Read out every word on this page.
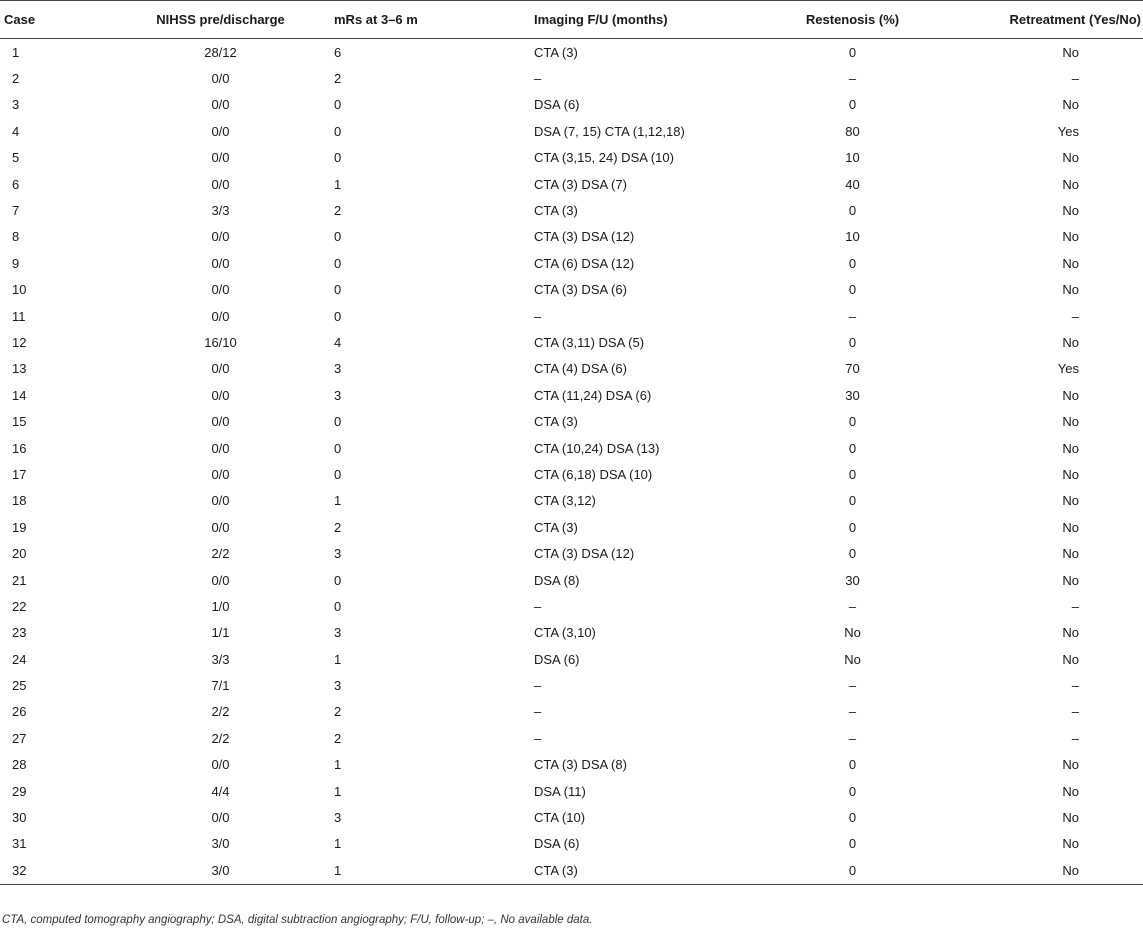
Case	NIHSS pre/discharge	mRs at 3–6 m	Imaging F/U (months)	Restenosis (%)	Retreatment (Yes/No)
1	28/12	6	CTA (3)	0	No
2	0/0	2	–	–	–
3	0/0	0	DSA (6)	0	No
4	0/0	0	DSA (7, 15) CTA (1,12,18)	80	Yes
5	0/0	0	CTA (3,15, 24) DSA (10)	10	No
6	0/0	1	CTA (3) DSA (7)	40	No
7	3/3	2	CTA (3)	0	No
8	0/0	0	CTA (3) DSA (12)	10	No
9	0/0	0	CTA (6) DSA (12)	0	No
10	0/0	0	CTA (3) DSA (6)	0	No
11	0/0	0	–	–	–
12	16/10	4	CTA (3,11) DSA (5)	0	No
13	0/0	3	CTA (4) DSA (6)	70	Yes
14	0/0	3	CTA (11,24) DSA (6)	30	No
15	0/0	0	CTA (3)	0	No
16	0/0	0	CTA (10,24) DSA (13)	0	No
17	0/0	0	CTA (6,18) DSA (10)	0	No
18	0/0	1	CTA (3,12)	0	No
19	0/0	2	CTA (3)	0	No
20	2/2	3	CTA (3) DSA (12)	0	No
21	0/0	0	DSA (8)	30	No
22	1/0	0	–	–	–
23	1/1	3	CTA (3,10)	No	No
24	3/3	1	DSA (6)	No	No
25	7/1	3	–	–	–
26	2/2	2	–	–	–
27	2/2	2	–	–	–
28	0/0	1	CTA (3) DSA (8)	0	No
29	4/4	1	DSA (11)	0	No
30	0/0	3	CTA (10)	0	No
31	3/0	1	DSA (6)	0	No
32	3/0	1	CTA (3)	0	No
CTA, computed tomography angiography; DSA, digital subtraction angiography; F/U, follow-up; –, No available data.
